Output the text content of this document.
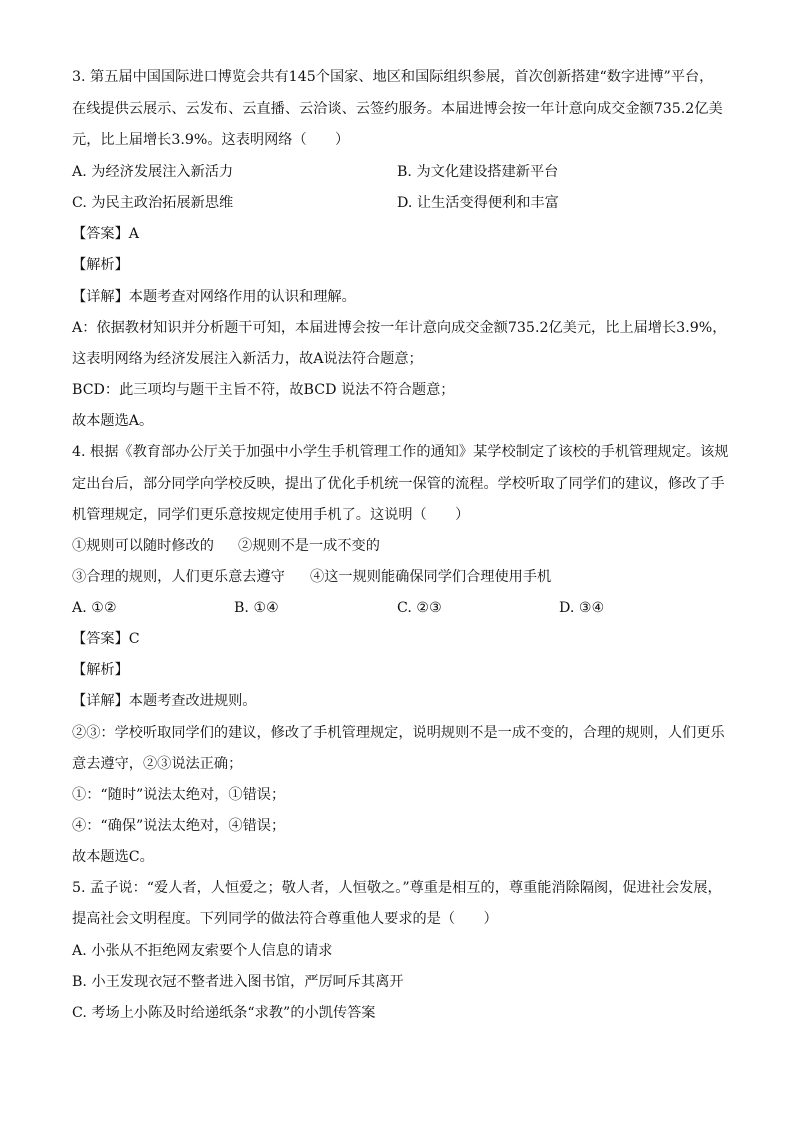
3. 第五届中国国际进口博览会共有145个国家、地区和国际组织参展，首次创新搭建“数字进博”平台，
在线提供云展示、云发布、云直播、云洽谈、云签约服务。本届进博会按一年计意向成交金额735.2亿美
元，比上届增长3.9%。这表明网络（　　）
A. 为经济发展注入新活力	B. 为文化建设搭建新平台
C. 为民主政治拓展新思维	D. 让生活变得便利和丰富
【答案】A
【解析】
【详解】本题考查对网络作用的认识和理解。
A：依据教材知识并分析题干可知，本届进博会按一年计意向成交金额735.2亿美元，比上届增长3.9%，
这表明网络为经济发展注入新活力，故A说法符合题意；
BCD：此三项均与题干主旨不符，故BCD 说法不符合题意；
故本题选A。
4. 根据《教育部办公厅关于加强中小学生手机管理工作的通知》某学校制定了该校的手机管理规定。该规
定出台后，部分同学向学校反映，提出了优化手机统一保管的流程。学校听取了同学们的建议，修改了手
机管理规定，同学们更乐意按规定使用手机了。这说明（　　）
①规则可以随时修改的 ②规则不是一成不变的
③合理的规则，人们更乐意去遵守 ④这一规则能确保同学们合理使用手机
A. ①②	B. ①④	C. ②③	D. ③④
【答案】C
【解析】
【详解】本题考查改进规则。
②③：学校听取同学们的建议，修改了手机管理规定，说明规则不是一成不变的，合理的规则，人们更乐
意去遵守，②③说法正确；
①：“随时”说法太绝对，①错误；
④：“确保”说法太绝对，④错误；
故本题选C。
5. 孟子说：“爱人者，人恒爱之；敬人者，人恒敬之。”尊重是相互的，尊重能消除隔阂，促进社会发展，
提高社会文明程度。下列同学的做法符合尊重他人要求的是（　　）
A. 小张从不拒绝网友索要个人信息的请求
B. 小王发现衣冠不整者进入图书馆，严厉呵斥其离开
C. 考场上小陈及时给递纸条“求教”的小凯传答案
